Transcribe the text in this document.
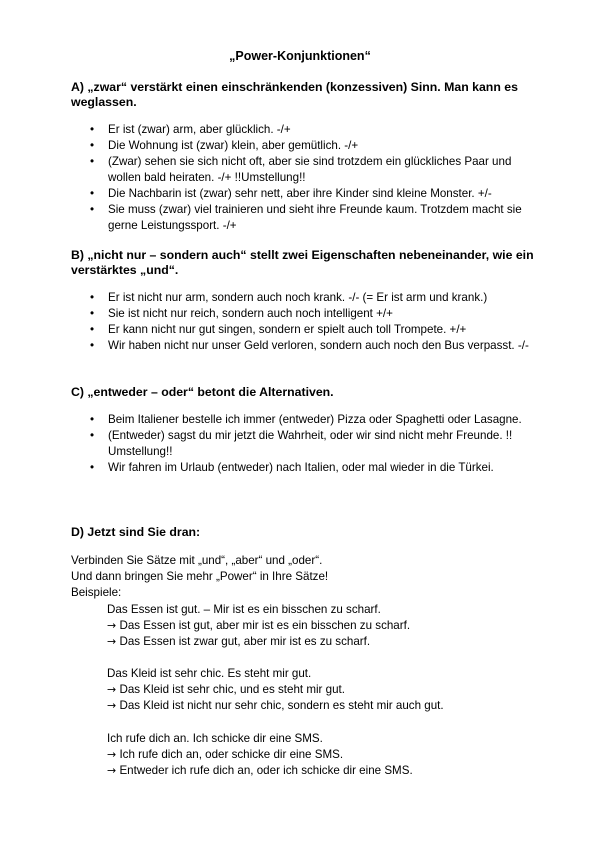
„Power-Konjunktionen“
A) „zwar“ verstärkt einen einschränkenden (konzessiven) Sinn. Man kann es weglassen.
• Er ist (zwar) arm, aber glücklich. -/+
• Die Wohnung ist (zwar) klein, aber gemütlich. -/+
• (Zwar) sehen sie sich nicht oft, aber sie sind trotzdem ein glückliches Paar und wollen bald heiraten. -/+ !!Umstellung!!
• Die Nachbarin ist (zwar) sehr nett, aber ihre Kinder sind kleine Monster. +/-
• Sie muss (zwar) viel trainieren und sieht ihre Freunde kaum. Trotzdem macht sie gerne Leistungssport. -/+
B) „nicht nur – sondern auch“ stellt zwei Eigenschaften nebeneinander, wie ein verstärktes „und“.
• Er ist nicht nur arm, sondern auch noch krank. -/- (= Er ist arm und krank.)
• Sie ist nicht nur reich, sondern auch noch intelligent +/+
• Er kann nicht nur gut singen, sondern er spielt auch toll Trompete. +/+
• Wir haben nicht nur unser Geld verloren, sondern auch noch den Bus verpasst. -/-
C) „entweder – oder“ betont die Alternativen.
• Beim Italiener bestelle ich immer (entweder) Pizza oder Spaghetti oder Lasagne.
• (Entweder) sagst du mir jetzt die Wahrheit, oder wir sind nicht mehr Freunde. !! Umstellung!!
• Wir fahren im Urlaub (entweder) nach Italien, oder mal wieder in die Türkei.
D) Jetzt sind Sie dran:
Verbinden Sie Sätze mit „und“, „aber“ und „oder“.
Und dann bringen Sie mehr „Power“ in Ihre Sätze!
Beispiele:
Das Essen ist gut. – Mir ist es ein bisschen zu scharf.
→ Das Essen ist gut, aber mir ist es ein bisschen zu scharf.
→ Das Essen ist zwar gut, aber mir ist es zu scharf.
Das Kleid ist sehr chic. Es steht mir gut.
→ Das Kleid ist sehr chic, und es steht mir gut.
→ Das Kleid ist nicht nur sehr chic, sondern es steht mir auch gut.
Ich rufe dich an. Ich schicke dir eine SMS.
→ Ich rufe dich an, oder schicke dir eine SMS.
→ Entweder ich rufe dich an, oder ich schicke dir eine SMS.
